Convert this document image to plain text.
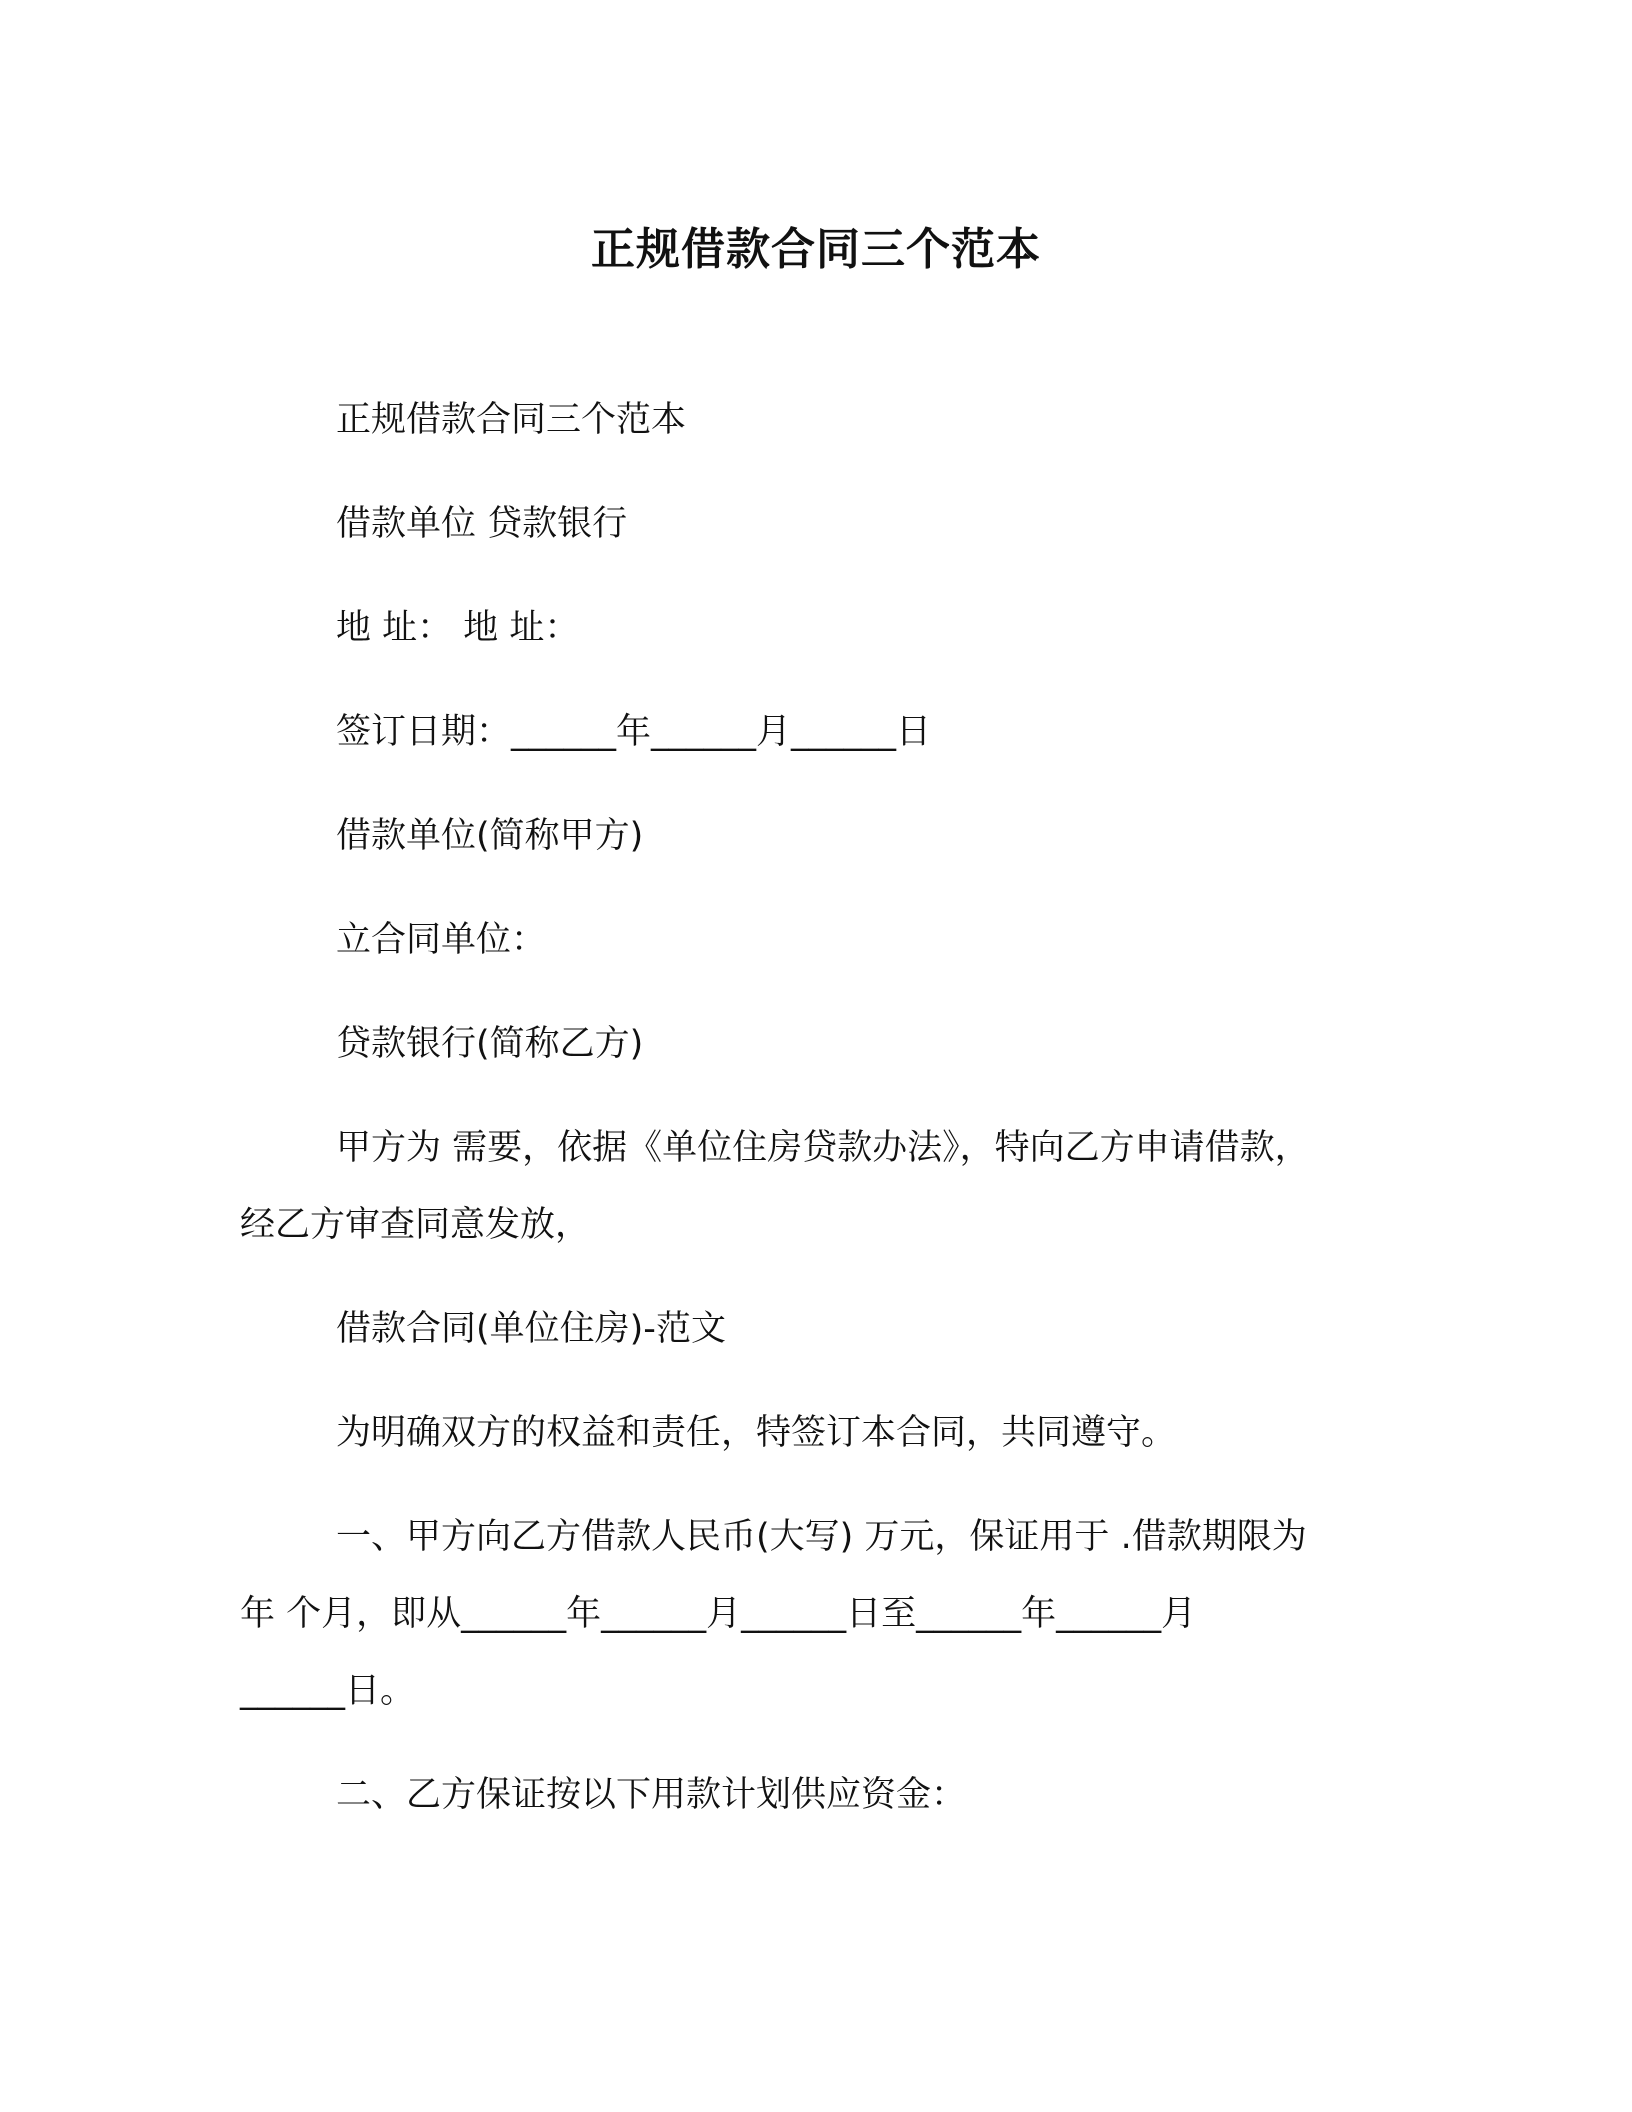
正规借款合同三个范本
正规借款合同三个范本
借款单位 贷款银行
地 址： 地 址：
签订日期：______年______月______日
借款单位(简称甲方)
立合同单位：
贷款银行(简称乙方)
甲方为 需要，依据《单位住房贷款办法》，特向乙方申请借款，
经乙方审查同意发放，
借款合同(单位住房)-范文
为明确双方的权益和责任，特签订本合同，共同遵守。
一、甲方向乙方借款人民币(大写) 万元，保证用于 .借款期限为
年 个月，即从______年______月______日至______年______月
______日。
二、乙方保证按以下用款计划供应资金：
